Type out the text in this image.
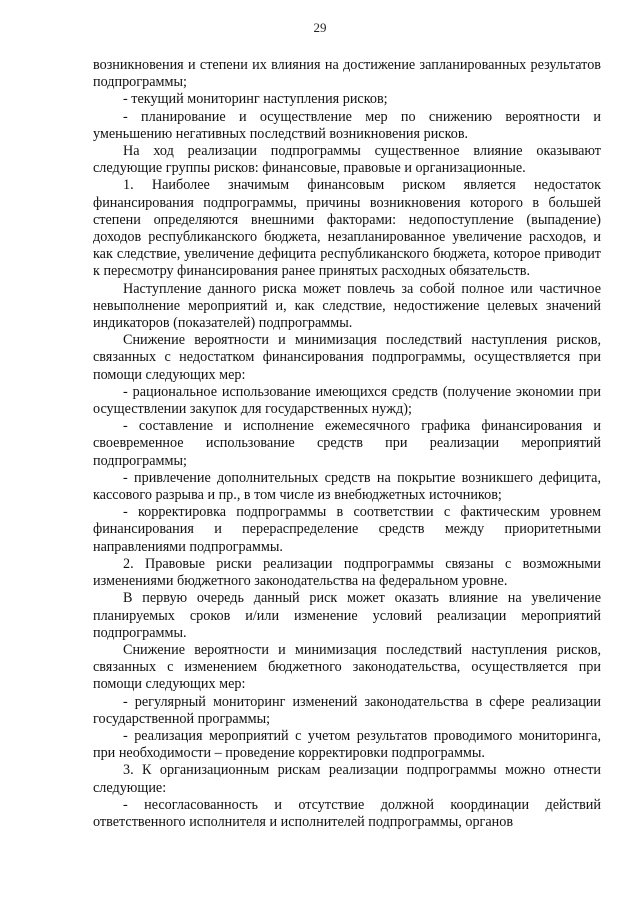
29

возникновения и степени их влияния на достижение запланированных результатов подпрограммы;

- текущий мониторинг наступления рисков;

- планирование и осуществление мер по снижению вероятности и уменьшению негативных последствий возникновения рисков.

На ход реализации подпрограммы существенное влияние оказывают следующие группы рисков: финансовые, правовые и организационные.

1. Наиболее значимым финансовым риском является недостаток финансирования подпрограммы, причины возникновения которого в большей степени определяются внешними факторами: недопоступление (выпадение) доходов республиканского бюджета, незапланированное увеличение расходов, и как следствие, увеличение дефицита республиканского бюджета, которое приводит к пересмотру финансирования ранее принятых расходных обязательств.

Наступление данного риска может повлечь за собой полное или частичное невыполнение мероприятий и, как следствие, недостижение целевых значений индикаторов (показателей) подпрограммы.

Снижение вероятности и минимизация последствий наступления рисков, связанных с недостатком финансирования подпрограммы, осуществляется при помощи следующих мер:

- рациональное использование имеющихся средств (получение экономии при осуществлении закупок для государственных нужд);

- составление и исполнение ежемесячного графика финансирования и своевременное использование средств при реализации мероприятий подпрограммы;

- привлечение дополнительных средств на покрытие возникшего дефицита, кассового разрыва и пр., в том числе из внебюджетных источников;

- корректировка подпрограммы в соответствии с фактическим уровнем финансирования и перераспределение средств между приоритетными направлениями подпрограммы.

2. Правовые риски реализации подпрограммы связаны с возможными изменениями бюджетного законодательства на федеральном уровне.

В первую очередь данный риск может оказать влияние на увеличение планируемых сроков и/или изменение условий реализации мероприятий подпрограммы.

Снижение вероятности и минимизация последствий наступления рисков, связанных с изменением бюджетного законодательства, осуществляется при помощи следующих мер:

- регулярный мониторинг изменений законодательства в сфере реализации государственной программы;

- реализация мероприятий с учетом результатов проводимого мониторинга, при необходимости – проведение корректировки подпрограммы.

3. К организационным рискам реализации подпрограммы можно отнести следующие:

- несогласованность и отсутствие должной координации действий ответственного исполнителя и исполнителей подпрограммы, органов
